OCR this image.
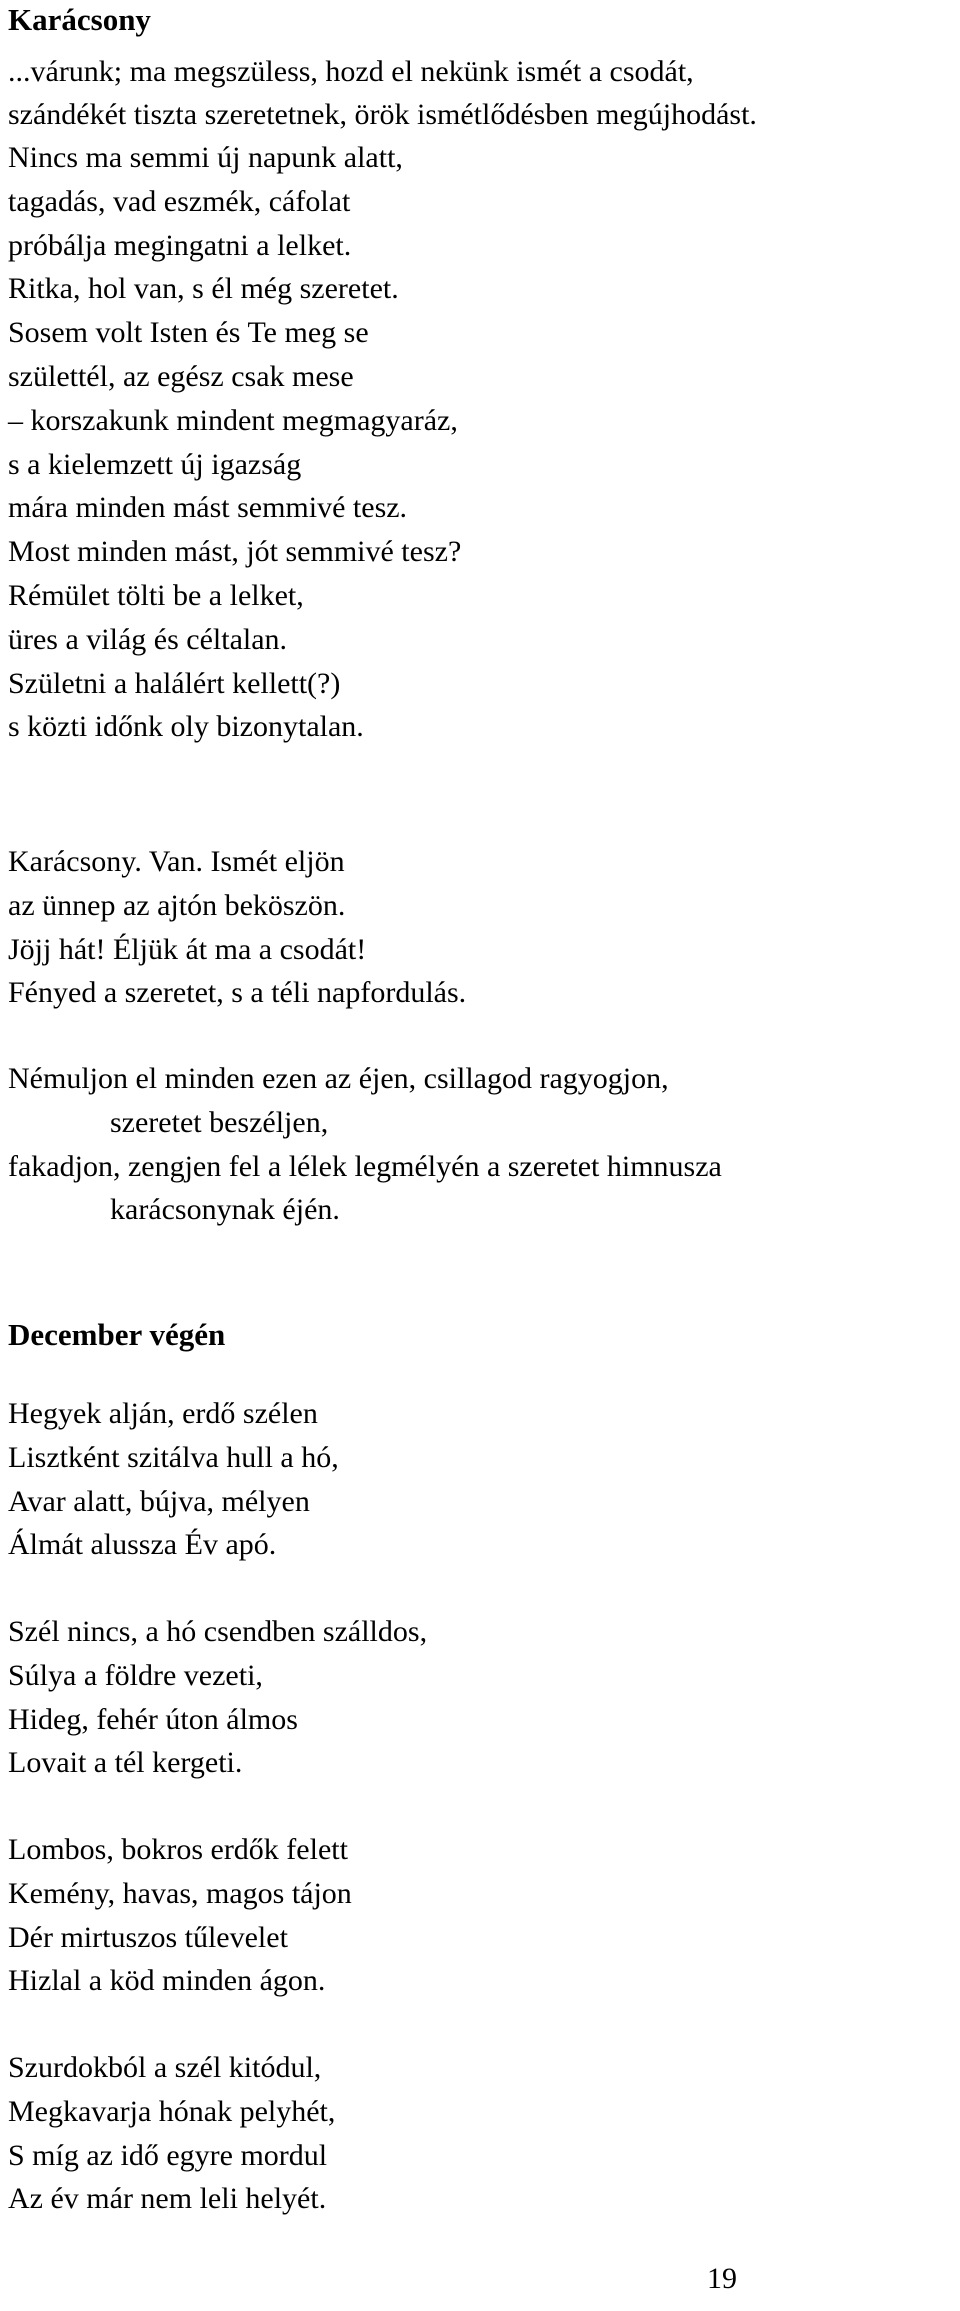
Karácsony
...várunk; ma megszüless, hozd el nekünk ismét a csodát,
szándékét tiszta szeretetnek, örök ismétlődésben megújhodást.
Nincs ma semmi új napunk alatt,
tagadás, vad eszmék, cáfolat
próbálja megingatni a lelket.
Ritka, hol van, s él még szeretet.
Sosem volt Isten és Te meg se
születtél, az egész csak mese
– korszakunk mindent megmagyaráz,
s a kielemzett új igazság
mára minden mást semmivé tesz.
Most minden mást, jót semmivé tesz?
Rémület tölti be a lelket,
üres a világ és céltalan.
Születni a halálért kellett(?)
s közti időnk oly bizonytalan.
Karácsony. Van. Ismét eljön
az ünnep az ajtón beköszön.
Jöjj hát! Éljük át ma a csodát!
Fényed a szeretet, s a téli napfordulás.
Némuljon el minden ezen az éjen, csillagod ragyogjon,
szeretet beszéljen,
fakadjon, zengjen fel a lélek legmélyén a szeretet himnusza
karácsonynak éjén.
December végén
Hegyek alján, erdő szélen
Lisztként szitálva hull a hó,
Avar alatt, bújva, mélyen
Álmát alussza Év apó.
Szél nincs, a hó csendben szálldos,
Súlya a földre vezeti,
Hideg, fehér úton álmos
Lovait a tél kergeti.
Lombos, bokros erdők felett
Kemény, havas, magos tájon
Dér mirtuszos tűlevelet
Hizlal a köd minden ágon.
Szurdokból a szél kitódul,
Megkavarja hónak pelyhét,
S míg az idő egyre mordul
Az év már nem leli helyét.
19
